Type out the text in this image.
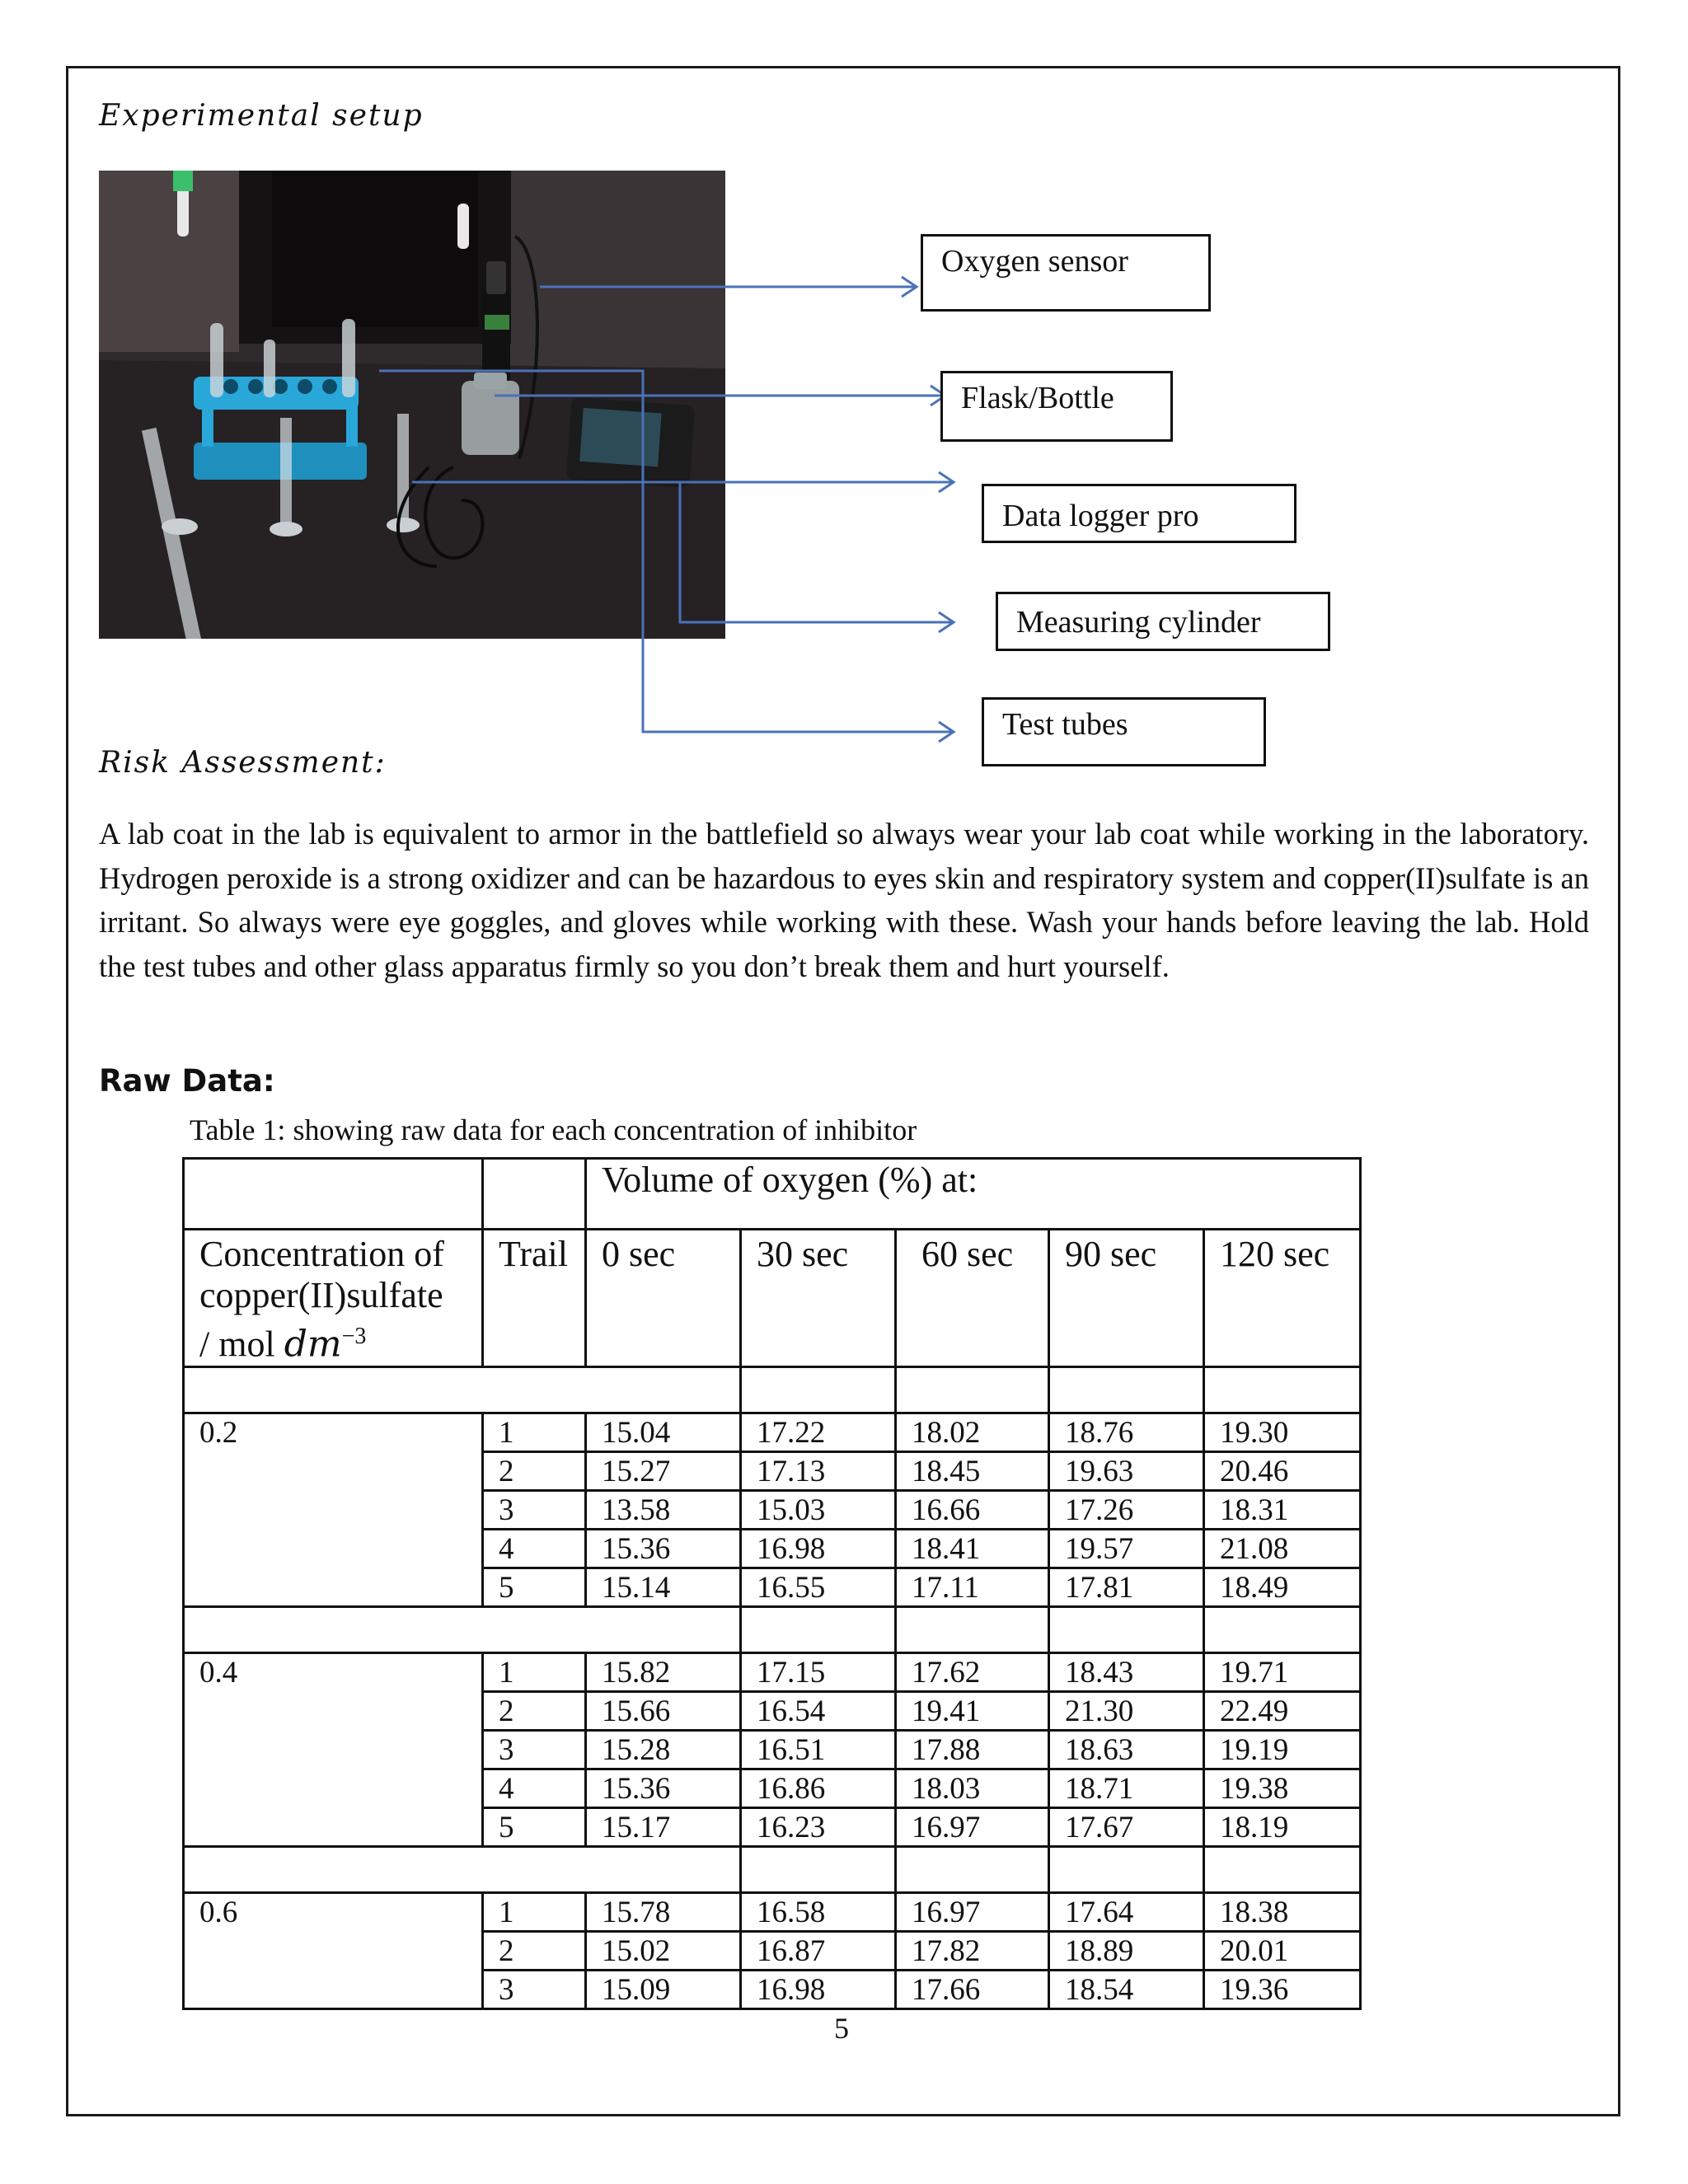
Experimental setup
Oxygen sensor
Flask/Bottle
Data logger pro
Measuring cylinder
Test tubes
Risk Assessment:
A lab coat in the lab is equivalent to armor in the battlefield so always wear your lab coat while working in the laboratory. Hydrogen peroxide is a strong oxidizer and can be hazardous to eyes skin and respiratory system and copper(II)sulfate is an irritant. So always were eye goggles, and gloves while working with these. Wash your hands before leaving the lab. Hold the test tubes and other glass apparatus firmly so you don’t break them and hurt yourself.
Raw Data:
Table 1: showing raw data for each concentration of inhibitor
		Volume of oxygen (%) at:				

Concentration of
copper(II)sulfate
/ mol $dm^{-3}$	Trail	0 sec	30 sec	60 sec	90 sec	120 sec

0.2	1	15.04	17.22	18.02	18.76	19.30
	2	15.27	17.13	18.45	19.63	20.46
	3	13.58	15.03	16.66	17.26	18.31
	4	15.36	16.98	18.41	19.57	21.08
	5	15.14	16.55	17.11	17.81	18.49

0.4	1	15.82	17.15	17.62	18.43	19.71
	2	15.66	16.54	19.41	21.30	22.49
	3	15.28	16.51	17.88	18.63	19.19
	4	15.36	16.86	18.03	18.71	19.38
	5	15.17	16.23	16.97	17.67	18.19

0.6	1	15.78	16.58	16.97	17.64	18.38
	2	15.02	16.87	17.82	18.89	20.01
	3	15.09	16.98	17.66	18.54	19.36
5
